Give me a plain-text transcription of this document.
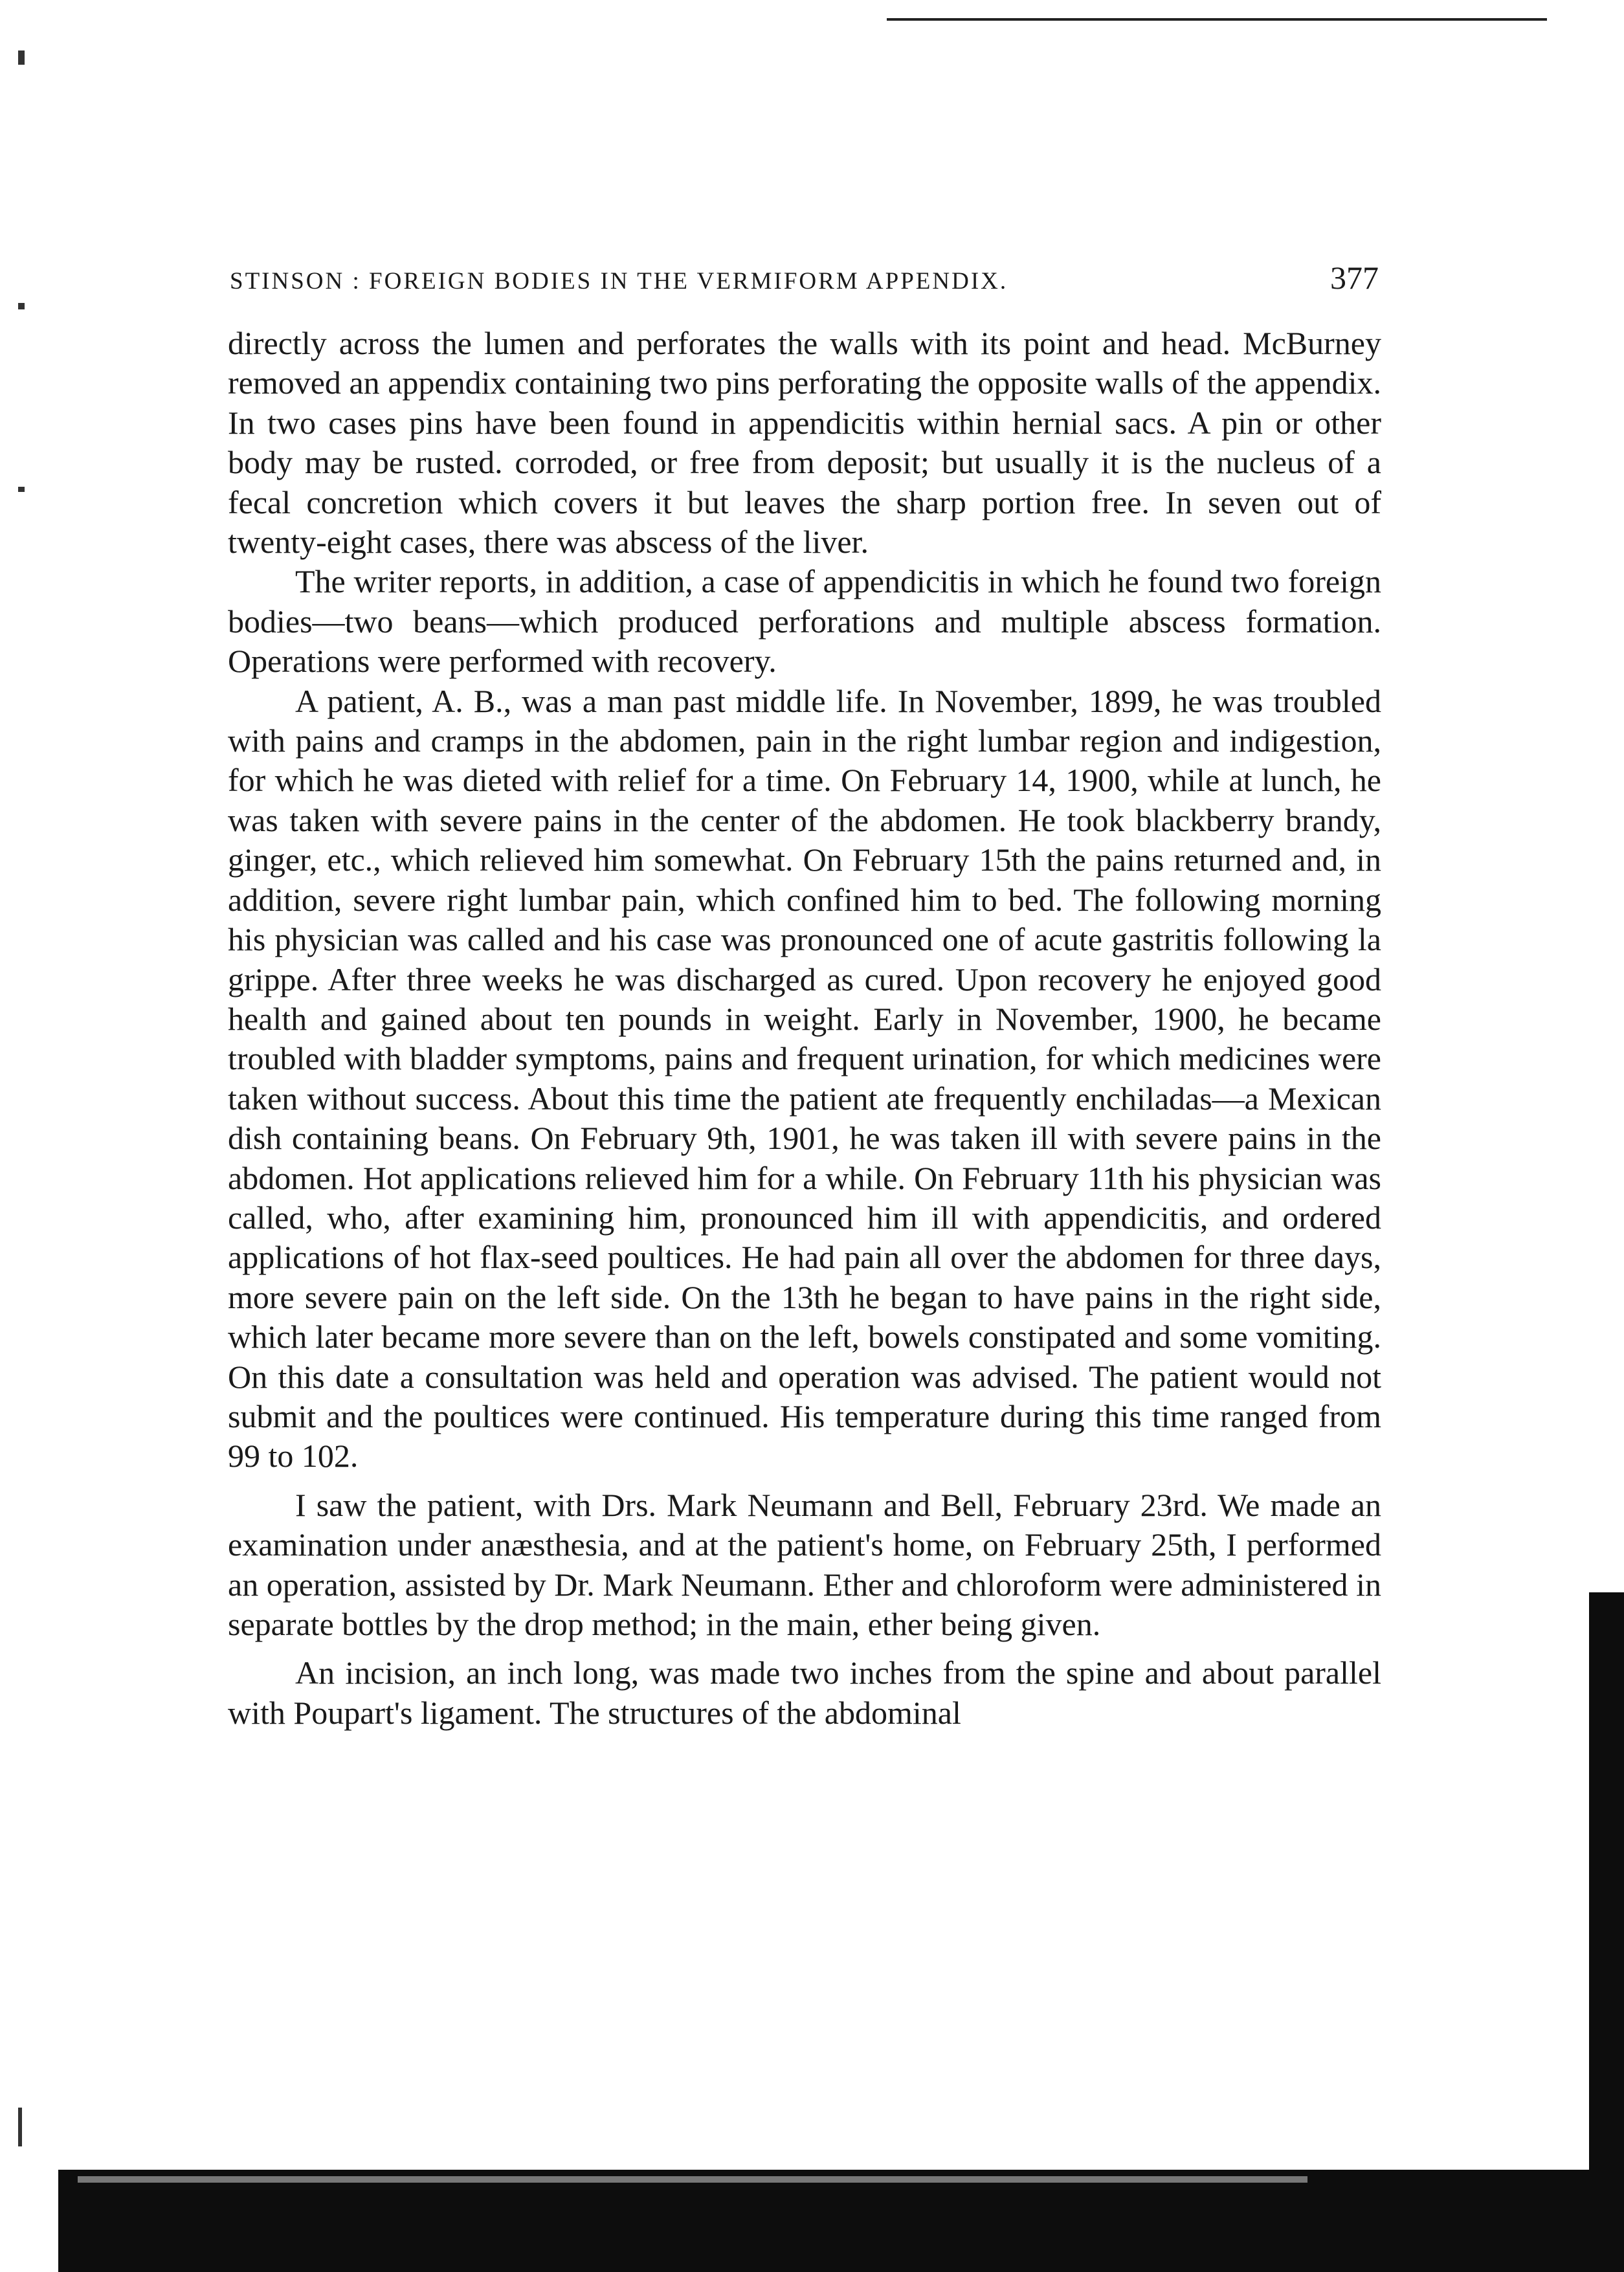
STINSON : FOREIGN BODIES IN THE VERMIFORM APPENDIX.	377

directly across the lumen and perforates the walls with its point and head. McBurney removed an appendix containing two pins perforating the opposite walls of the appendix. In two cases pins have been found in appendicitis within hernial sacs. A pin or other body may be rusted. corroded, or free from deposit; but usually it is the nucleus of a fecal concretion which covers it but leaves the sharp portion free. In seven out of twenty-eight cases, there was abscess of the liver.

The writer reports, in addition, a case of appendicitis in which he found two foreign bodies—two beans—which produced perforations and multiple abscess formation. Operations were performed with recovery.

A patient, A. B., was a man past middle life. In November, 1899, he was troubled with pains and cramps in the abdomen, pain in the right lumbar region and indigestion, for which he was dieted with relief for a time. On February 14, 1900, while at lunch, he was taken with severe pains in the center of the abdomen. He took blackberry brandy, ginger, etc., which relieved him somewhat. On February 15th the pains returned and, in addition, severe right lumbar pain, which confined him to bed. The following morning his physician was called and his case was pronounced one of acute gastritis following la grippe. After three weeks he was discharged as cured. Upon recovery he enjoyed good health and gained about ten pounds in weight. Early in November, 1900, he became troubled with bladder symptoms, pains and frequent urination, for which medicines were taken without success. About this time the patient ate frequently enchiladas—a Mexican dish containing beans. On February 9th, 1901, he was taken ill with severe pains in the abdomen. Hot applications relieved him for a while. On February 11th his physician was called, who, after examining him, pronounced him ill with appendicitis, and ordered applications of hot flax-seed poultices. He had pain all over the abdomen for three days, more severe pain on the left side. On the 13th he began to have pains in the right side, which later became more severe than on the left, bowels constipated and some vomiting. On this date a consultation was held and operation was advised. The patient would not submit and the poultices were continued. His temperature during this time ranged from 99 to 102.

I saw the patient, with Drs. Mark Neumann and Bell, February 23rd. We made an examination under anæsthesia, and at the patient's home, on February 25th, I performed an operation, assisted by Dr. Mark Neumann. Ether and chloroform were administered in separate bottles by the drop method; in the main, ether being given.

An incision, an inch long, was made two inches from the spine and about parallel with Poupart's ligament. The structures of the abdominal
